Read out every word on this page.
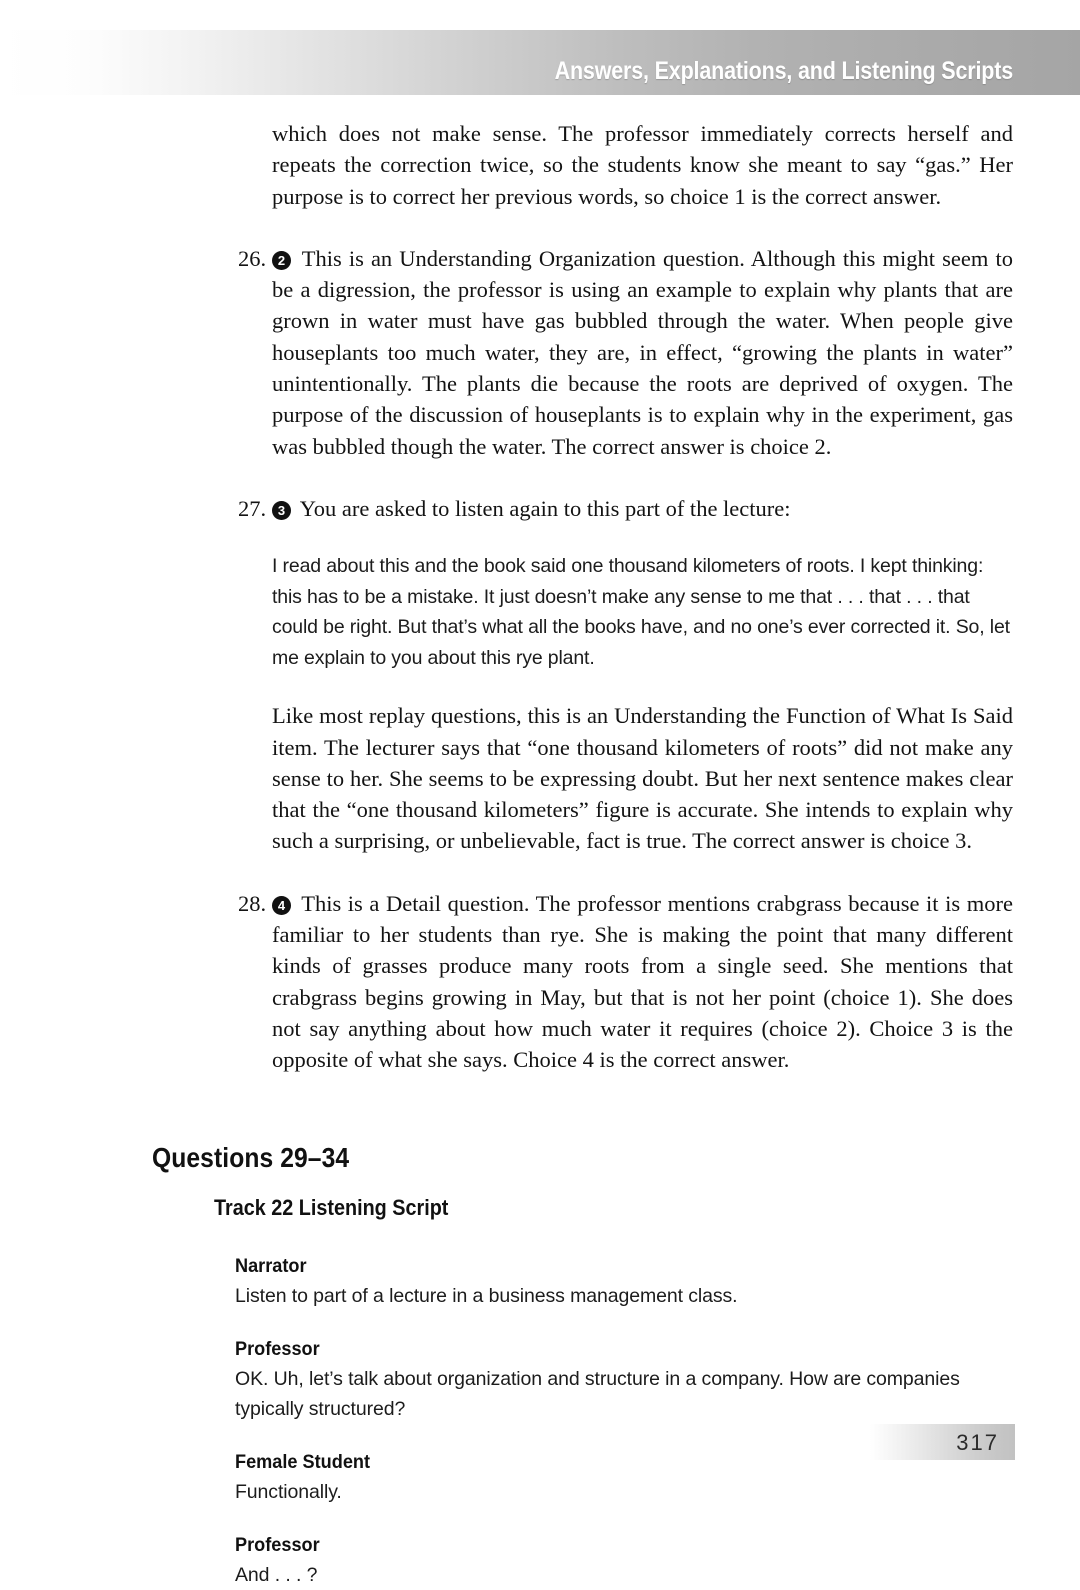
Answers, Explanations, and Listening Scripts

which does not make sense. The professor immediately corrects herself and repeats the correction twice, so the students know she meant to say “gas.” Her purpose is to correct her previous words, so choice 1 is the correct answer.

26. 2 This is an Understanding Organization question. Although this might seem to be a digression, the professor is using an example to explain why plants that are grown in water must have gas bubbled through the water. When people give houseplants too much water, they are, in effect, “growing the plants in water” unintentionally. The plants die because the roots are deprived of oxygen. The purpose of the discussion of houseplants is to explain why in the experiment, gas was bubbled though the water. The correct answer is choice 2.
27. 3 You are asked to listen again to this part of the lecture:

I read about this and the book said one thousand kilometers of roots. I kept thinking: this has to be a mistake. It just doesn’t make any sense to me that . . . that . . . that could be right. But that’s what all the books have, and no one’s ever corrected it. So, let me explain to you about this rye plant.

Like most replay questions, this is an Understanding the Function of What Is Said item. The lecturer says that “one thousand kilometers of roots” did not make any sense to her. She seems to be expressing doubt. But her next sentence makes clear that the “one thousand kilometers” figure is accurate. She intends to explain why such a surprising, or unbelievable, fact is true. The correct answer is choice 3.

28. 4 This is a Detail question. The professor mentions crabgrass because it is more familiar to her students than rye. She is making the point that many different kinds of grasses produce many roots from a single seed. She mentions that crabgrass begins growing in May, but that is not her point (choice 1). She does not say anything about how much water it requires (choice 2). Choice 3 is the opposite of what she says. Choice 4 is the correct answer.
Questions 29–34
Track 22 Listening Script
Narrator
Listen to part of a lecture in a business management class.
Professor
OK. Uh, let’s talk about organization and structure in a company. How are companies typically structured?
Female Student
Functionally.
Professor
And . . . ?
317
